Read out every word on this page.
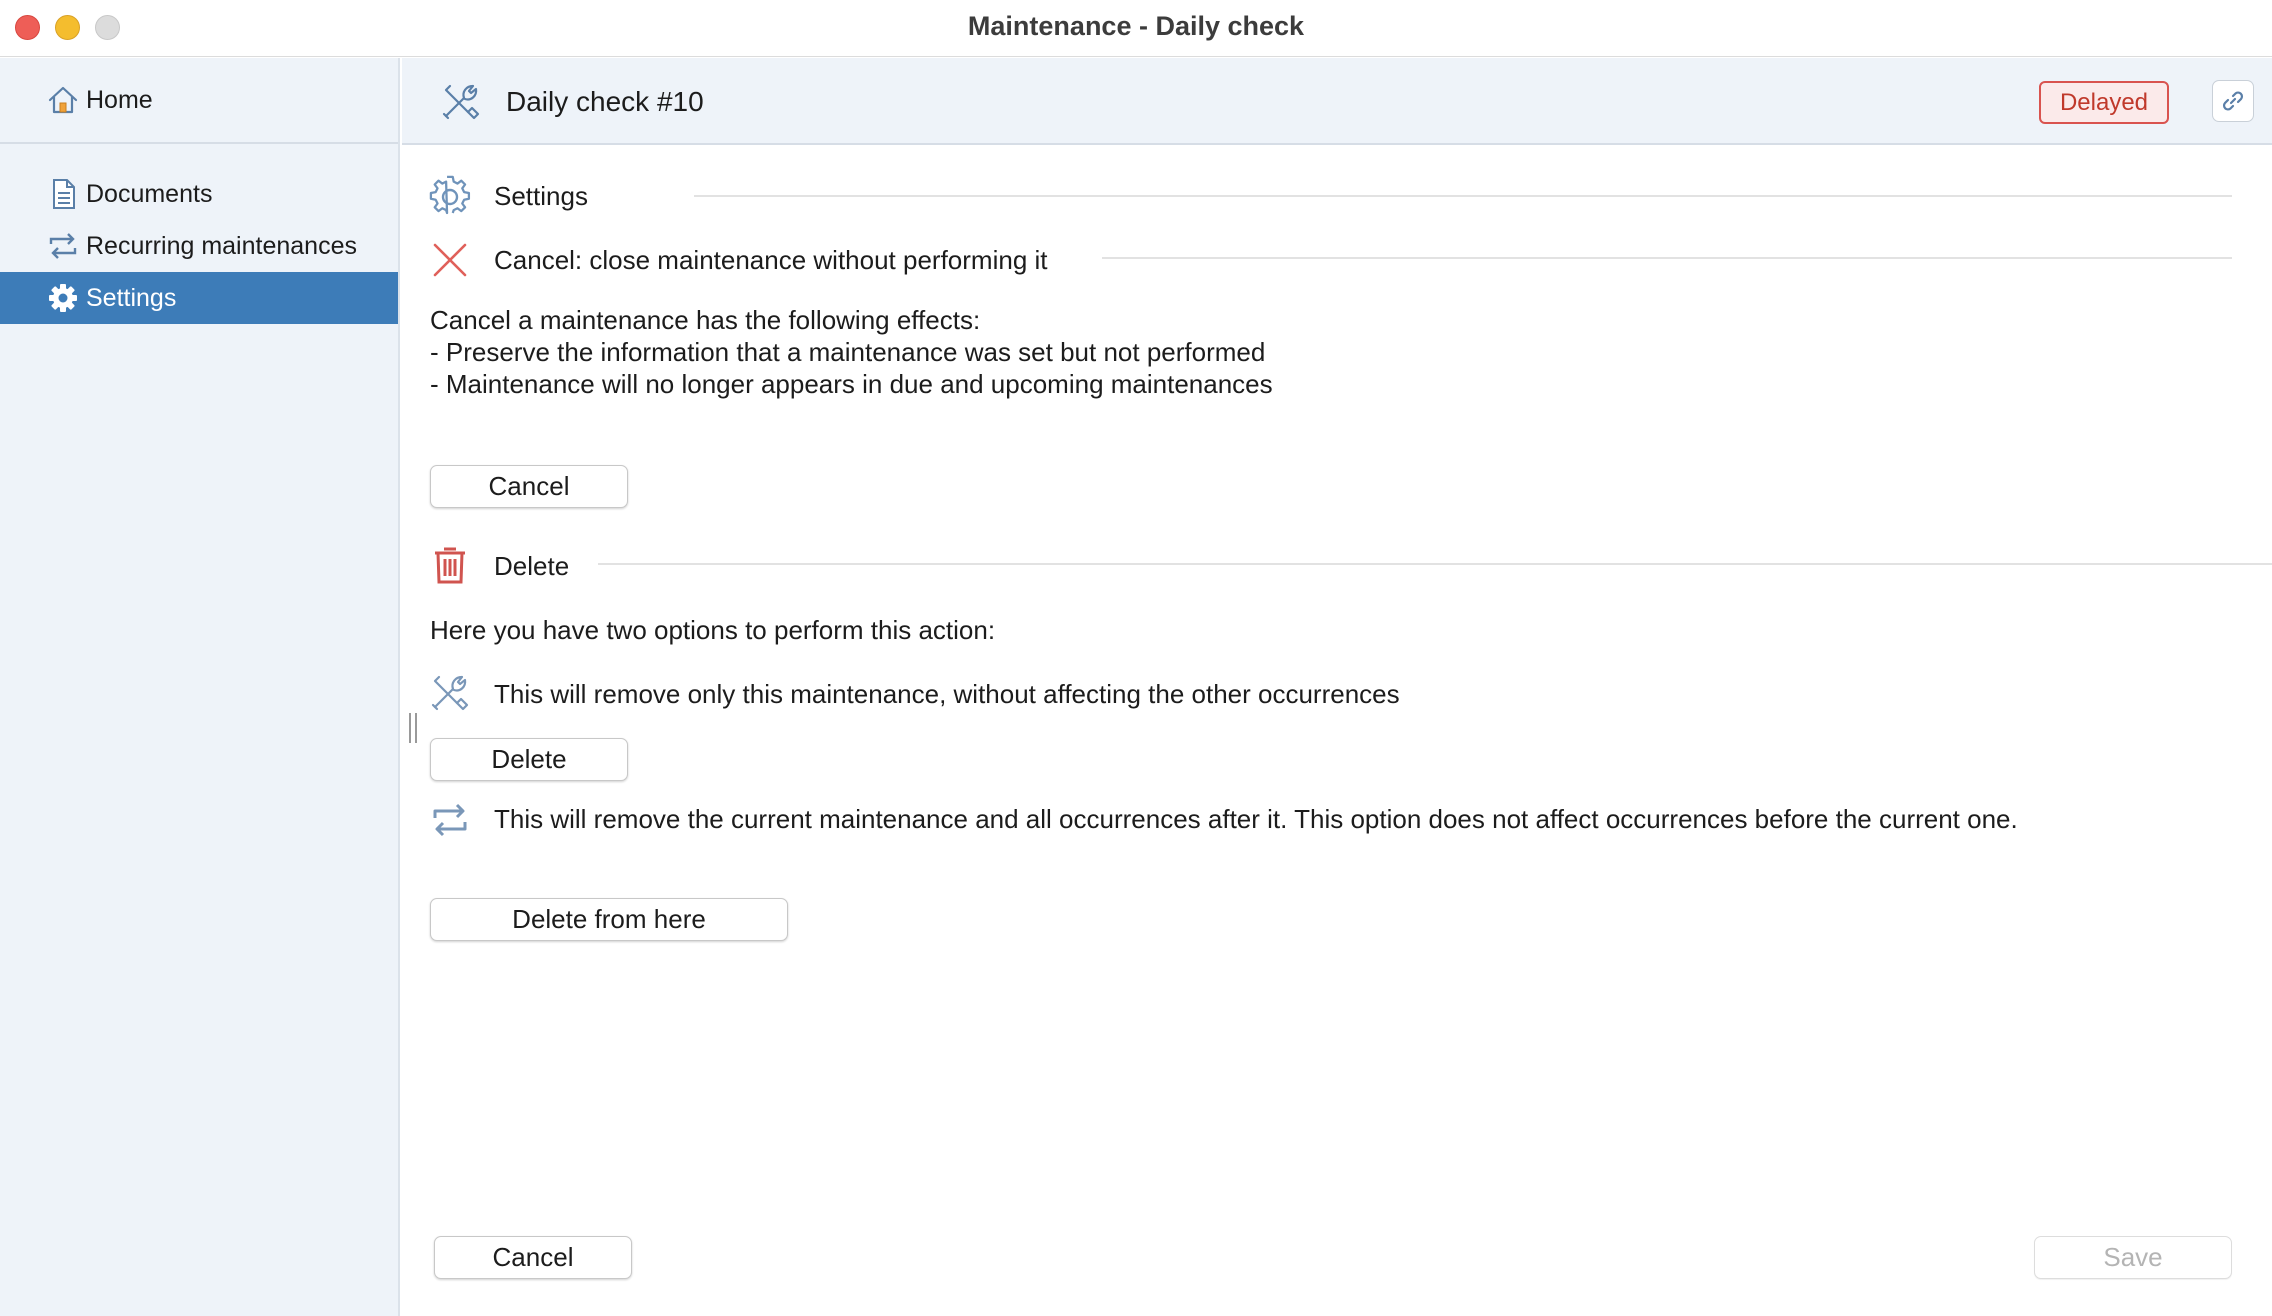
Maintenance - Daily check
Home
Documents
Recurring maintenances
Settings
Daily check #10	Delayed
Settings
Cancel: close maintenance without performing it
Cancel a maintenance has the following effects:
- Preserve the information that a maintenance was set but not performed
- Maintenance will no longer appears in due and upcoming maintenances
Cancel
Delete
Here you have two options to perform this action:
This will remove only this maintenance, without affecting the other occurrences
Delete
This will remove the current maintenance and all occurrences after it. This option does not affect occurrences before the current one.
Delete from here
Cancel	Save
